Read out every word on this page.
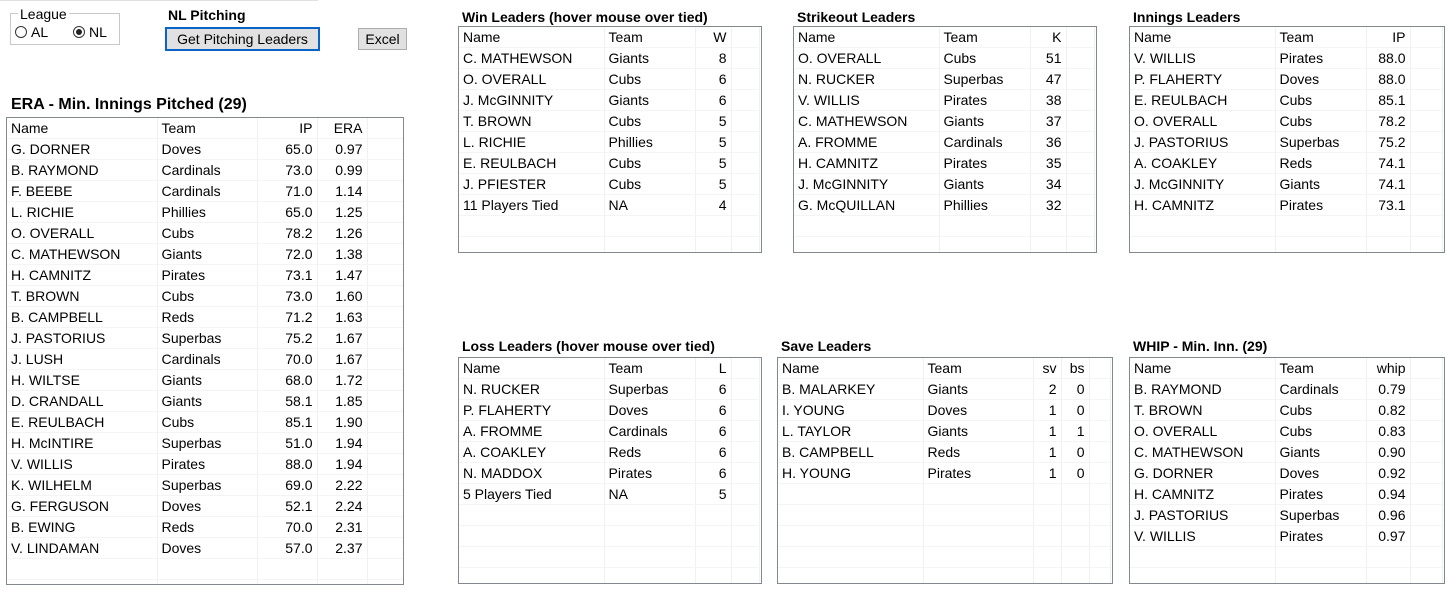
AL	NL
League	NL Pitching
Get Pitching Leaders	Excel
ERA - Min. Innings Pitched (29)
Win Leaders (hover mouse over tied)	Strikeout Leaders	Innings Leaders
Loss Leaders (hover mouse over tied)	Save Leaders	WHIP - Min. Inn. (29)
Name	Team	IP	ERA	
G. DORNER	Doves	65.0	0.97	
B. RAYMOND	Cardinals	73.0	0.99	
F. BEEBE	Cardinals	71.0	1.14	
L. RICHIE	Phillies	65.0	1.25	
O. OVERALL	Cubs	78.2	1.26	
C. MATHEWSON	Giants	72.0	1.38	
H. CAMNITZ	Pirates	73.1	1.47	
T. BROWN	Cubs	73.0	1.60	
B. CAMPBELL	Reds	71.2	1.63	
J. PASTORIUS	Superbas	75.2	1.67	
J. LUSH	Cardinals	70.0	1.67	
H. WILTSE	Giants	68.0	1.72	
D. CRANDALL	Giants	58.1	1.85	
E. REULBACH	Cubs	85.1	1.90	
H. McINTIRE	Superbas	51.0	1.94	
V. WILLIS	Pirates	88.0	1.94	
K. WILHELM	Superbas	69.0	2.22	
G. FERGUSON	Doves	52.1	2.24	
B. EWING	Reds	70.0	2.31	
V. LINDAMAN	Doves	57.0	2.37	

Name	Team	W	
C. MATHEWSON	Giants	8	
O. OVERALL	Cubs	6	
J. McGINNITY	Giants	6	
T. BROWN	Cubs	5	
L. RICHIE	Phillies	5	
E. REULBACH	Cubs	5	
J. PFIESTER	Cubs	5	
11 Players Tied	NA	4	

Name	Team	K	
O. OVERALL	Cubs	51	
N. RUCKER	Superbas	47	
V. WILLIS	Pirates	38	
C. MATHEWSON	Giants	37	
A. FROMME	Cardinals	36	
H. CAMNITZ	Pirates	35	
J. McGINNITY	Giants	34	
G. McQUILLAN	Phillies	32	

Name	Team	IP	
V. WILLIS	Pirates	88.0	
P. FLAHERTY	Doves	88.0	
E. REULBACH	Cubs	85.1	
O. OVERALL	Cubs	78.2	
J. PASTORIUS	Superbas	75.2	
A. COAKLEY	Reds	74.1	
J. McGINNITY	Giants	74.1	
H. CAMNITZ	Pirates	73.1	

Name	Team	L	
N. RUCKER	Superbas	6	
P. FLAHERTY	Doves	6	
A. FROMME	Cardinals	6	
A. COAKLEY	Reds	6	
N. MADDOX	Pirates	6	
5 Players Tied	NA	5	

Name	Team	sv	bs	
B. MALARKEY	Giants	2	0	
I. YOUNG	Doves	1	0	
L. TAYLOR	Giants	1	1	
B. CAMPBELL	Reds	1	0	
H. YOUNG	Pirates	1	0	

Name	Team	whip	
B. RAYMOND	Cardinals	0.79	
T. BROWN	Cubs	0.82	
O. OVERALL	Cubs	0.83	
C. MATHEWSON	Giants	0.90	
G. DORNER	Doves	0.92	
H. CAMNITZ	Pirates	0.94	
J. PASTORIUS	Superbas	0.96	
V. WILLIS	Pirates	0.97	
